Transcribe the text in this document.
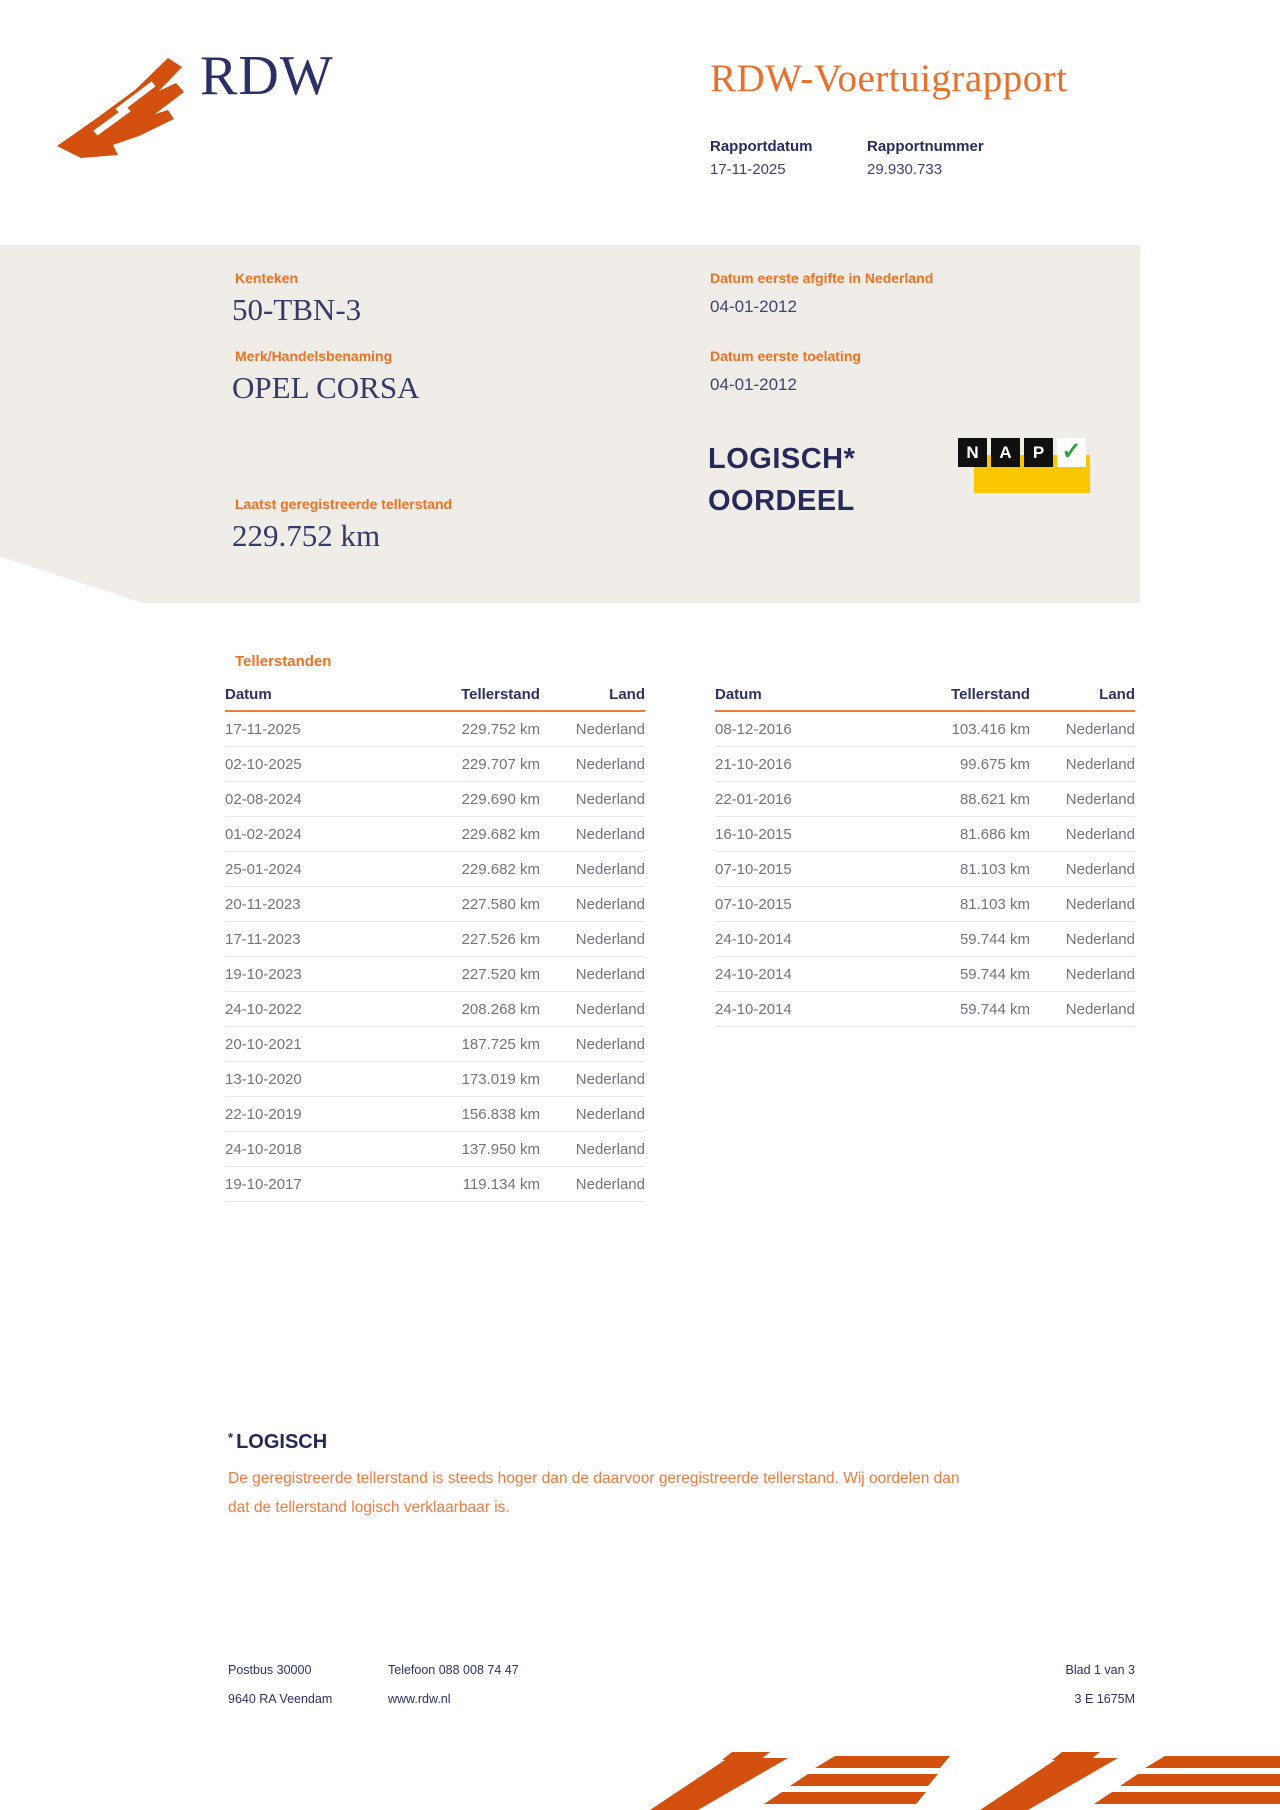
RDW	RDW-Voertuigrapport
Rapportdatum	Rapportnummer
17-11-2025	29.930.733
Kenteken
50-TBN-3
Merk/Handelsbenaming
OPEL CORSA
Laatst geregistreerde tellerstand
229.752 km
Datum eerste afgifte in Nederland
04-01-2012
Datum eerste toelating
04-01-2012
LOGISCH*
OORDEEL
N	A	P ✓
Tellerstanden
Datum	Tellerstand	Land
17-11-2025	229.752 km	Nederland
02-10-2025	229.707 km	Nederland
02-08-2024	229.690 km	Nederland
01-02-2024	229.682 km	Nederland
25-01-2024	229.682 km	Nederland
20-11-2023	227.580 km	Nederland
17-11-2023	227.526 km	Nederland
19-10-2023	227.520 km	Nederland
24-10-2022	208.268 km	Nederland
20-10-2021	187.725 km	Nederland
13-10-2020	173.019 km	Nederland
22-10-2019	156.838 km	Nederland
24-10-2018	137.950 km	Nederland
19-10-2017	119.134 km	Nederland
Datum	Tellerstand	Land
08-12-2016	103.416 km	Nederland
21-10-2016	99.675 km	Nederland
22-01-2016	88.621 km	Nederland
16-10-2015	81.686 km	Nederland
07-10-2015	81.103 km	Nederland
07-10-2015	81.103 km	Nederland
24-10-2014	59.744 km	Nederland
24-10-2014	59.744 km	Nederland
24-10-2014	59.744 km	Nederland
* LOGISCH
De geregistreerde tellerstand is steeds hoger dan de daarvoor geregistreerde tellerstand. Wij oordelen dan
dat de tellerstand logisch verklaarbaar is.
Postbus 30000
9640 RA Veendam
Telefoon 088 008 74 47
www.rdw.nl
Blad 1 van 3
3 E 1675M
